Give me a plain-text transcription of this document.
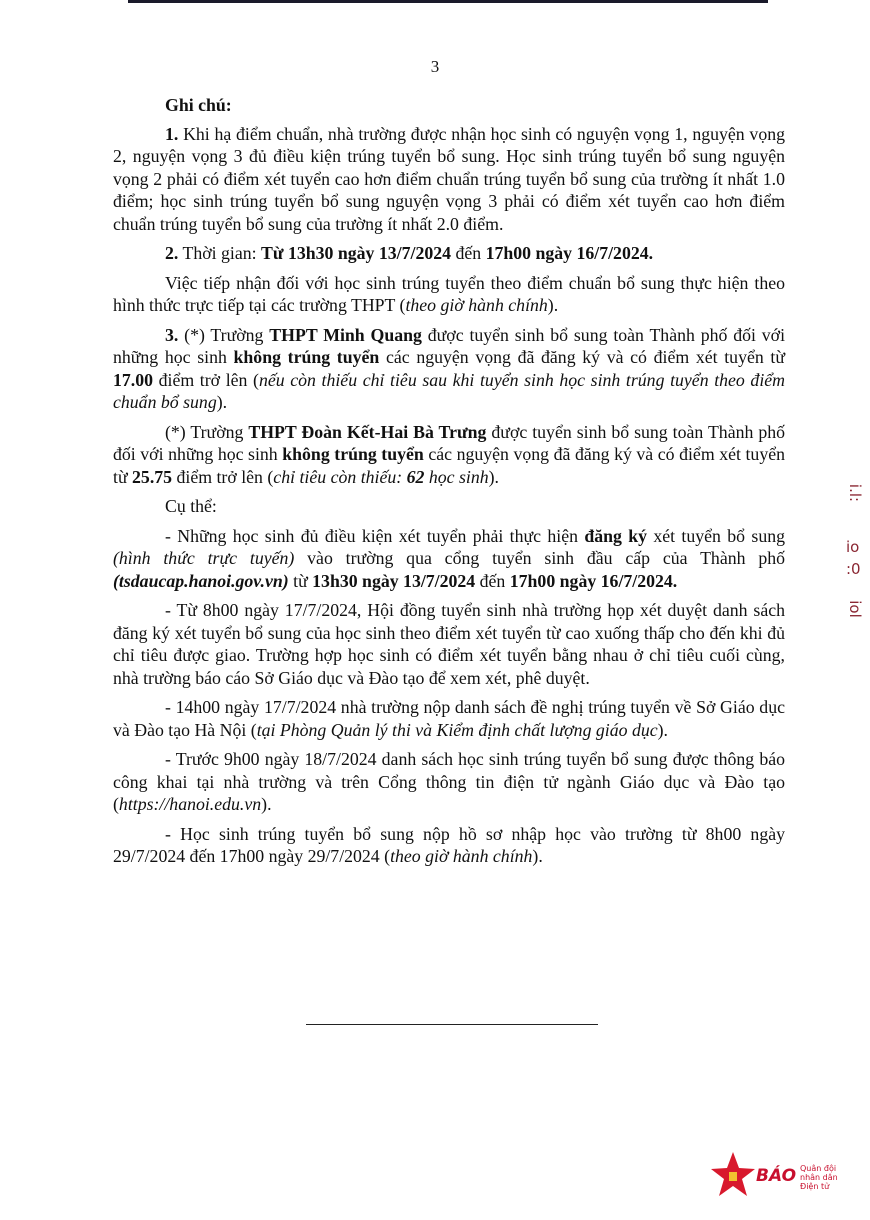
3

Ghi chú:

1. Khi hạ điểm chuẩn, nhà trường được nhận học sinh có nguyện vọng 1, nguyện vọng 2, nguyện vọng 3 đủ điều kiện trúng tuyển bổ sung. Học sinh trúng tuyển bổ sung nguyện vọng 2 phải có điểm xét tuyển cao hơn điểm chuẩn trúng tuyển bổ sung của trường ít nhất 1.0 điểm; học sinh trúng tuyển bổ sung nguyện vọng 3 phải có điểm xét tuyển cao hơn điểm chuẩn trúng tuyển bổ sung của trường ít nhất 2.0 điểm.

2. Thời gian: Từ 13h30 ngày 13/7/2024 đến 17h00 ngày 16/7/2024.

Việc tiếp nhận đối với học sinh trúng tuyển theo điểm chuẩn bổ sung thực hiện theo hình thức trực tiếp tại các trường THPT (theo giờ hành chính).

3. (*) Trường THPT Minh Quang được tuyển sinh bổ sung toàn Thành phố đối với những học sinh không trúng tuyển các nguyện vọng đã đăng ký và có điểm xét tuyển từ 17.00 điểm trở lên (nếu còn thiếu chỉ tiêu sau khi tuyển sinh học sinh trúng tuyển theo điểm chuẩn bổ sung).

(*) Trường THPT Đoàn Kết-Hai Bà Trưng được tuyển sinh bổ sung toàn Thành phố đối với những học sinh không trúng tuyển các nguyện vọng đã đăng ký và có điểm xét tuyển từ 25.75 điểm trở lên (chỉ tiêu còn thiếu: 62 học sinh).

Cụ thể:

- Những học sinh đủ điều kiện xét tuyển phải thực hiện đăng ký xét tuyển bổ sung (hình thức trực tuyến) vào trường qua cổng tuyển sinh đầu cấp của Thành phố (tsdaucap.hanoi.gov.vn) từ 13h30 ngày 13/7/2024 đến 17h00 ngày 16/7/2024.

- Từ 8h00 ngày 17/7/2024, Hội đồng tuyển sinh nhà trường họp xét duyệt danh sách đăng ký xét tuyển bổ sung của học sinh theo điểm xét tuyển từ cao xuống thấp cho đến khi đủ chỉ tiêu được giao. Trường hợp học sinh có điểm xét tuyển bằng nhau ở chỉ tiêu cuối cùng, nhà trường báo cáo Sở Giáo dục và Đào tạo để xem xét, phê duyệt.

- 14h00 ngày 17/7/2024 nhà trường nộp danh sách đề nghị trúng tuyển về Sở Giáo dục và Đào tạo Hà Nội (tại Phòng Quản lý thi và Kiểm định chất lượng giáo dục).

- Trước 9h00 ngày 18/7/2024 danh sách học sinh trúng tuyển bổ sung được thông báo công khai tại nhà trường và trên Cổng thông tin điện tử ngành Giáo dục và Đào tạo (https://hanoi.edu.vn).

- Học sinh trúng tuyển bổ sung nộp hồ sơ nhập học vào trường từ 8h00 ngày 29/7/2024 đến 17h00 ngày 29/7/2024 (theo giờ hành chính).

i.l:
io
:0
iol
BÁO Quân đội nhân dân
Điện tử
